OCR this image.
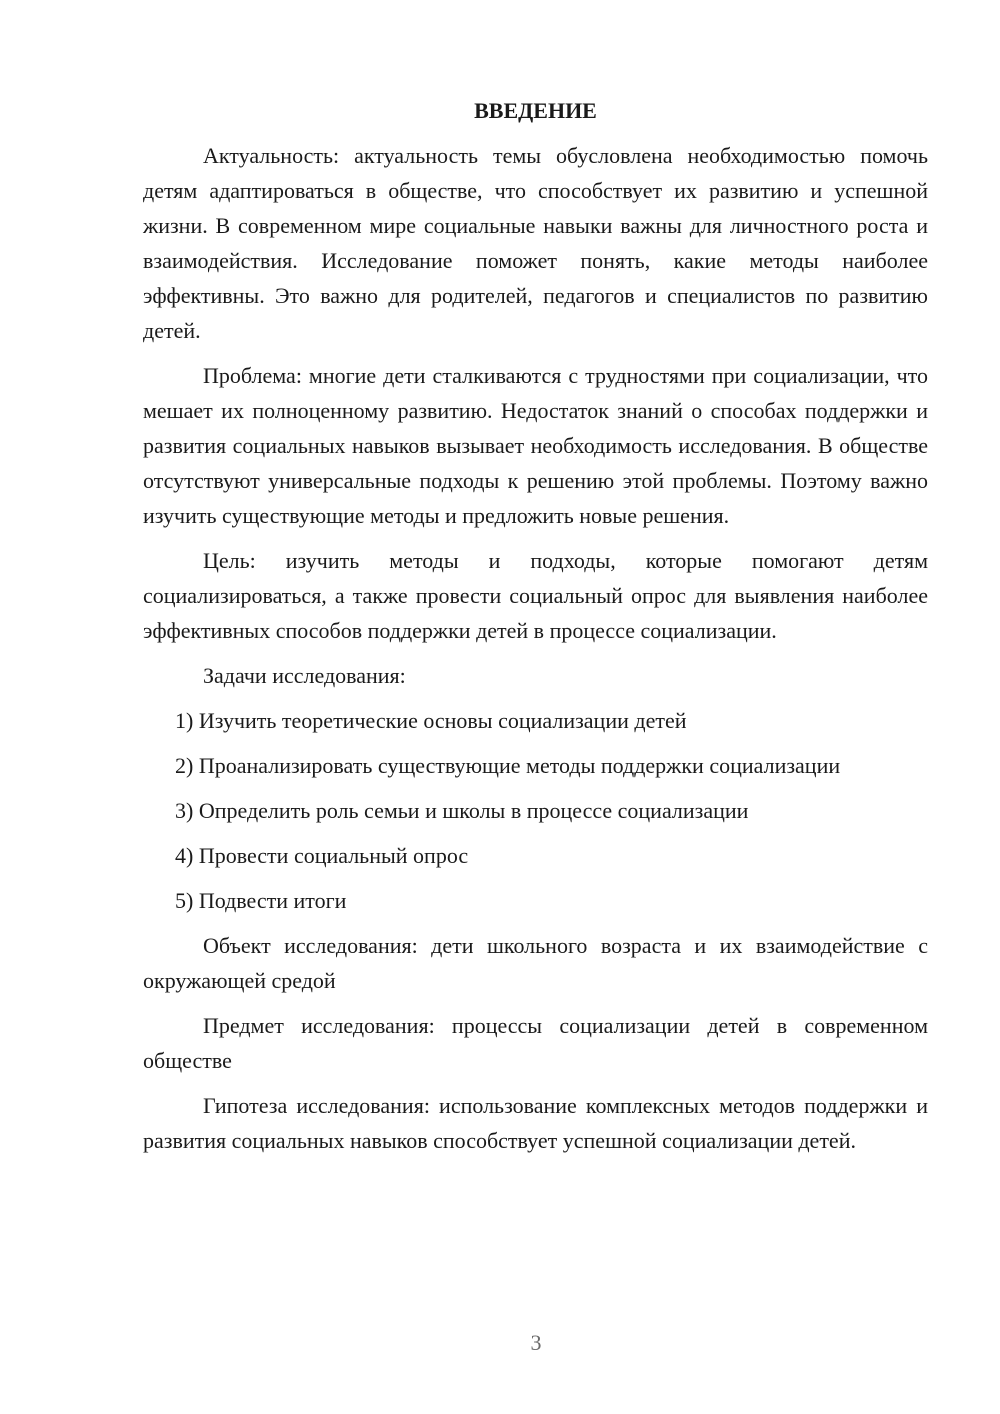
ВВЕДЕНИЕ

Актуальность: актуальность темы обусловлена необходимостью помочь детям адаптироваться в обществе, что способствует их развитию и успешной жизни. В современном мире социальные навыки важны для личностного роста и взаимодействия. Исследование поможет понять, какие методы наиболее эффективны. Это важно для родителей, педагогов и специалистов по развитию детей.

Проблема: многие дети сталкиваются с трудностями при социализации, что мешает их полноценному развитию. Недостаток знаний о способах поддержки и развития социальных навыков вызывает необходимость исследования. В обществе отсутствуют универсальные подходы к решению этой проблемы. Поэтому важно изучить существующие методы и предложить новые решения.

Цель: изучить методы и подходы, которые помогают детям социализироваться, а также провести социальный опрос для выявления наиболее эффективных способов поддержки детей в процессе социализации.

Задачи исследования:
1) Изучить теоретические основы социализации детей
2) Проанализировать существующие методы поддержки социализации
3) Определить роль семьи и школы в процессе социализации
4) Провести социальный опрос
5) Подвести итоги

Объект исследования: дети школьного возраста и их взаимодействие с окружающей средой

Предмет исследования: процессы социализации детей в современном обществе

Гипотеза исследования: использование комплексных методов поддержки и развития социальных навыков способствует успешной социализации детей.

3
